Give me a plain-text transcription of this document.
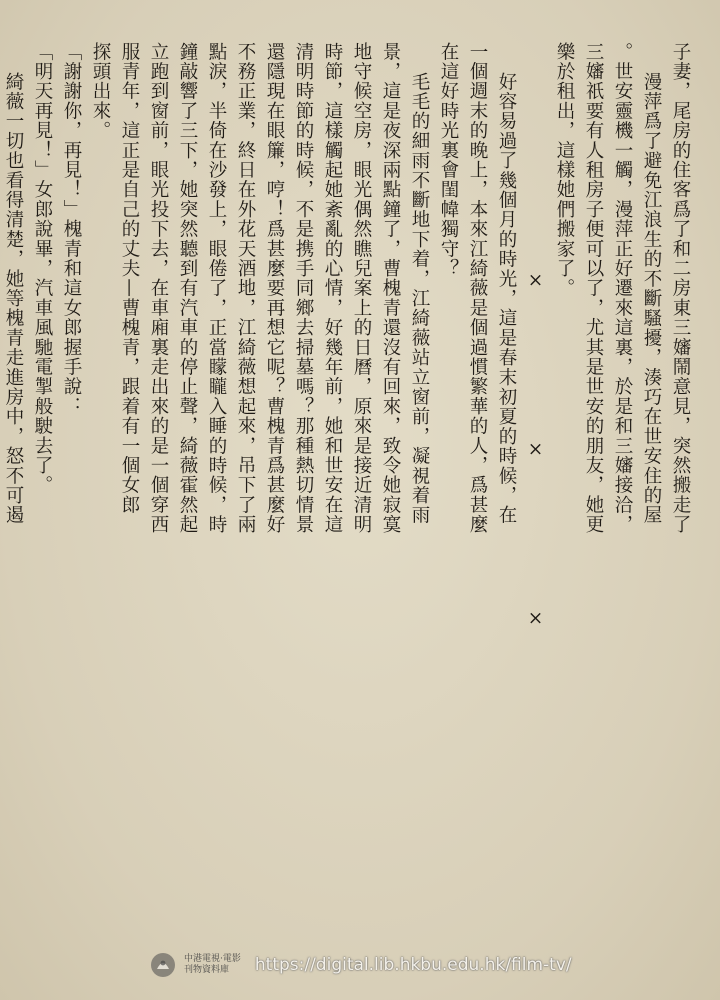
子妻，尾房的住客爲了和二房東三嬸鬧意見，突然搬走了
漫萍爲了避免江浪生的不斷騷擾，湊巧在世安住的屋
。世安靈機一觸，漫萍正好遷來這裏，於是和三嬸接洽，
三嬸祇要有人租房子便可以了，尤其是世安的朋友，她更
樂於租出，這樣她們搬家了。
×　×　×
好容易過了幾個月的時光，這是春末初夏的時候，在
一個週末的晚上，本來江綺薇是個過慣繁華的人，爲甚麼
在這好時光裏會閨幃獨守？
毛毛的細雨不斷地下着，江綺薇站立窗前，凝視着雨
景，這是夜深兩點鐘了，曹槐青還沒有回來，致令她寂寞
地守候空房，眼光偶然瞧兒案上的日曆，原來是接近清明
時節，這樣觸起她紊亂的心情，好幾年前，她和世安在這
清明時節的時候，不是携手同鄉去掃墓嗎？那種熱切情景
還隱現在眼簾，哼！爲甚麼要再想它呢？曹槐青爲甚麼好
不務正業，終日在外花天酒地，江綺薇想起來，吊下了兩
點淚，半倚在沙發上，眼倦了，正當矇矓入睡的時候，時
鐘敲響了三下，她突然聽到有汽車的停止聲，綺薇霍然起
立跑到窗前，眼光投下去，在車廂裏走出來的是一個穿西
服青年，這正是自己的丈夫—曹槐青，跟着有一個女郎
探頭出來。
「謝謝你，再見！」槐青和這女郎握手說：
「明天再見！」女郎說畢，汽車風馳電掣般駛去了。
綺薇一切也看得清楚，她等槐青走進房中，怒不可遏
中港電視·電影
刊物資料庫	https://digital.lib.hkbu.edu.hk/film-tv/
